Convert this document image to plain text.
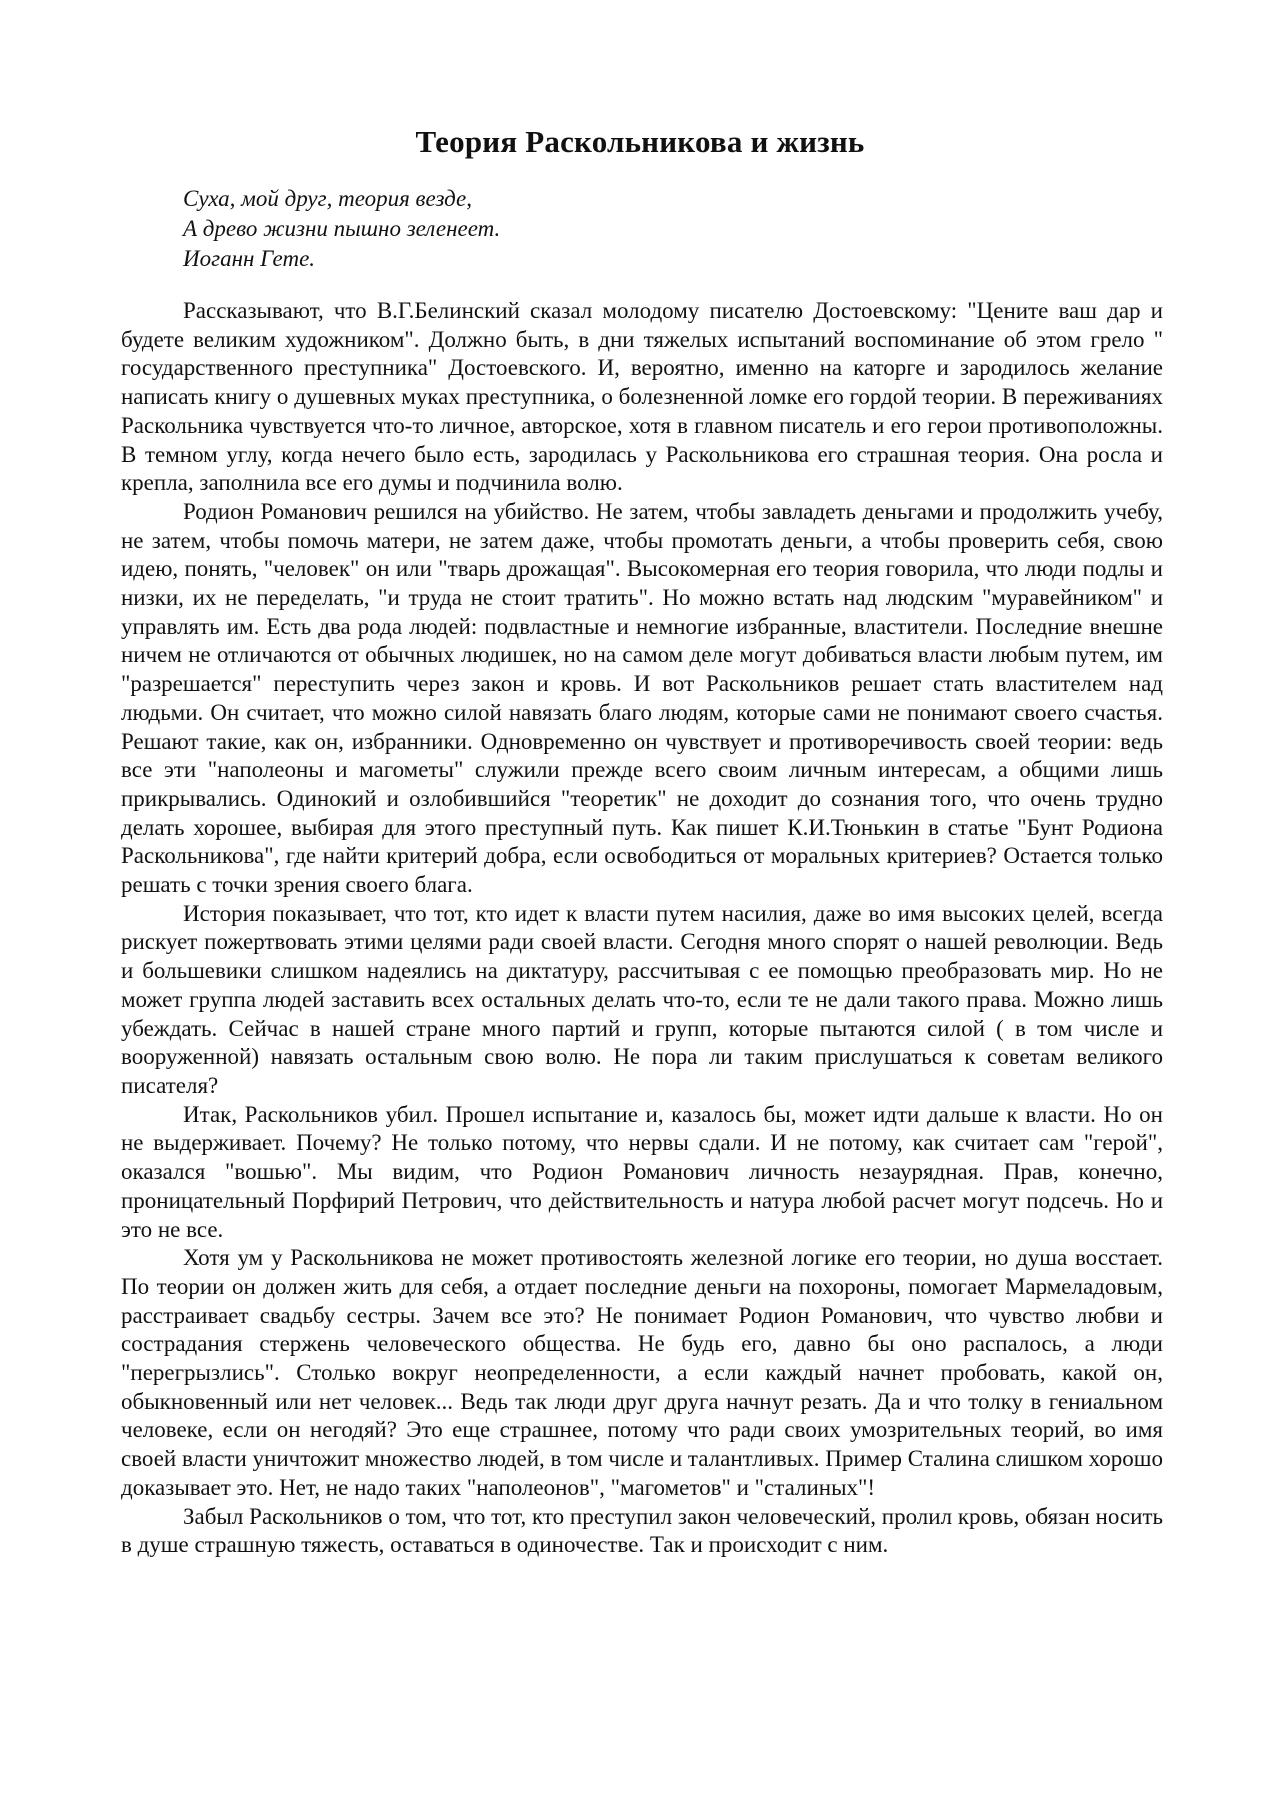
Теория Раскольникова и жизнь
Суха, мой друг, теория везде,
А древо жизни пышно зеленеет.
Иоганн Гете.

Рассказывают, что В.Г.Белинский сказал молодому писателю Достоевскому: "Цените ваш дар и будете великим художником". Должно быть, в дни тяжелых испытаний воспоминание об этом грело " государственного преступника" Достоевского. И, вероятно, именно на каторге и зародилось желание написать книгу о душевных муках преступника, о болезненной ломке его гордой теории. В переживаниях Раскольника чувствуется что-то личное, авторское, хотя в главном писатель и его герои противоположны. В темном углу, когда нечего было есть, зародилась у Раскольникова его страшная теория. Она росла и крепла, заполнила все его думы и подчинила волю.

Родион Романович решился на убийство. Не затем, чтобы завладеть деньгами и продолжить учебу, не затем, чтобы помочь матери, не затем даже, чтобы промотать деньги, а чтобы проверить себя, свою идею, понять, "человек" он или "тварь дрожащая". Высокомерная его теория говорила, что люди подлы и низки, их не переделать, "и труда не стоит тратить". Но можно встать над людским "муравейником" и управлять им. Есть два рода людей: подвластные и немногие избранные, властители. Последние внешне ничем не отличаются от обычных людишек, но на самом деле могут добиваться власти любым путем, им "разрешается" переступить через закон и кровь. И вот Раскольников решает стать властителем над людьми. Он считает, что можно силой навязать благо людям, которые сами не понимают своего счастья. Решают такие, как он, избранники. Одновременно он чувствует и противоречивость своей теории: ведь все эти "наполеоны и магометы" служили прежде всего своим личным интересам, а общими лишь прикрывались. Одинокий и озлобившийся "теоретик" не доходит до сознания того, что очень трудно делать хорошее, выбирая для этого преступный путь. Как пишет К.И.Тюнькин в статье "Бунт Родиона Раскольникова", где найти критерий добра, если освободиться от моральных критериев? Остается только решать с точки зрения своего блага.

История показывает, что тот, кто идет к власти путем насилия, даже во имя высоких целей, всегда рискует пожертвовать этими целями ради своей власти. Сегодня много спорят о нашей революции. Ведь и большевики слишком надеялись на диктатуру, рассчитывая с ее помощью преобразовать мир. Но не может группа людей заставить всех остальных делать что-то, если те не дали такого права. Можно лишь убеждать. Сейчас в нашей стране много партий и групп, которые пытаются силой ( в том числе и вооруженной) навязать остальным свою волю. Не пора ли таким прислушаться к советам великого писателя?

Итак, Раскольников убил. Прошел испытание и, казалось бы, может идти дальше к власти. Но он не выдерживает. Почему? Не только потому, что нервы сдали. И не потому, как считает сам "герой", оказался "вошью". Мы видим, что Родион Романович личность незаурядная. Прав, конечно, проницательный Порфирий Петрович, что действительность и натура любой расчет могут подсечь. Но и это не все.

Хотя ум у Раскольникова не может противостоять железной логике его теории, но душа восстает. По теории он должен жить для себя, а отдает последние деньги на похороны, помогает Мармеладовым, расстраивает свадьбу сестры. Зачем все это? Не понимает Родион Романович, что чувство любви и сострадания стержень человеческого общества. Не будь его, давно бы оно распалось, а люди "перегрызлись". Столько вокруг неопределенности, а если каждый начнет пробовать, какой он, обыкновенный или нет человек... Ведь так люди друг друга начнут резать. Да и что толку в гениальном человеке, если он негодяй? Это еще страшнее, потому что ради своих умозрительных теорий, во имя своей власти уничтожит множество людей, в том числе и талантливых. Пример Сталина слишком хорошо доказывает это. Нет, не надо таких "наполеонов", "магометов" и "сталиных"!

Забыл Раскольников о том, что тот, кто преступил закон человеческий, пролил кровь, обязан носить в душе страшную тяжесть, оставаться в одиночестве. Так и происходит с ним.
